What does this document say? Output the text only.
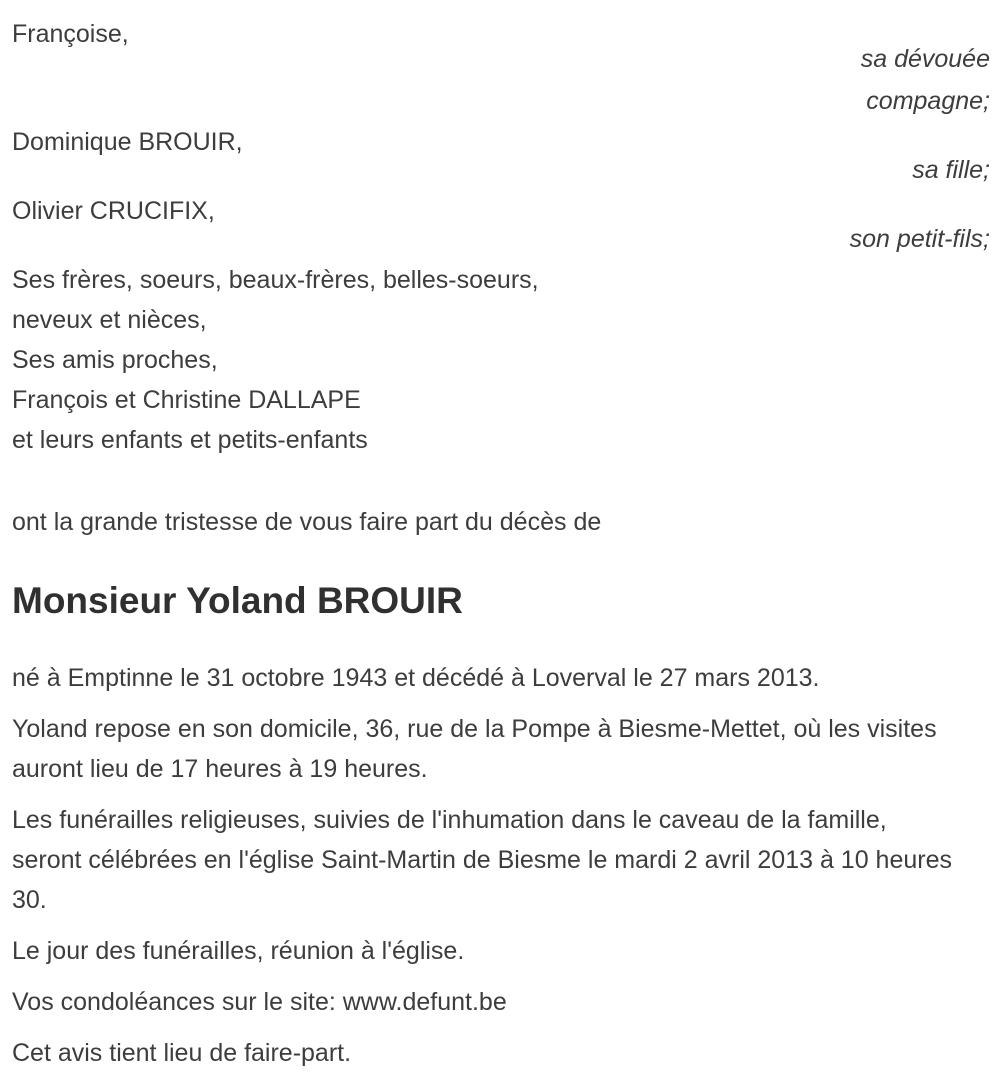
Françoise,
sa dévouée
compagne;
Dominique BROUIR,
sa fille;
Olivier CRUCIFIX,
son petit-fils;
Ses frères, soeurs, beaux-frères, belles-soeurs,
neveux et nièces,
Ses amis proches,
François et Christine DALLAPE
et leurs enfants et petits-enfants
ont la grande tristesse de vous faire part du décès de
Monsieur Yoland BROUIR

né à Emptinne le 31 octobre 1943 et décédé à Loverval le 27 mars 2013.

Yoland repose en son domicile, 36, rue de la Pompe à Biesme-Mettet, où les visites auront lieu de 17 heures à 19 heures.

Les funérailles religieuses, suivies de l'inhumation dans le caveau de la famille, seront célébrées en l'église Saint-Martin de Biesme le mardi 2 avril 2013 à 10 heures 30.

Le jour des funérailles, réunion à l'église.

Vos condoléances sur le site: www.defunt.be

Cet avis tient lieu de faire-part.
